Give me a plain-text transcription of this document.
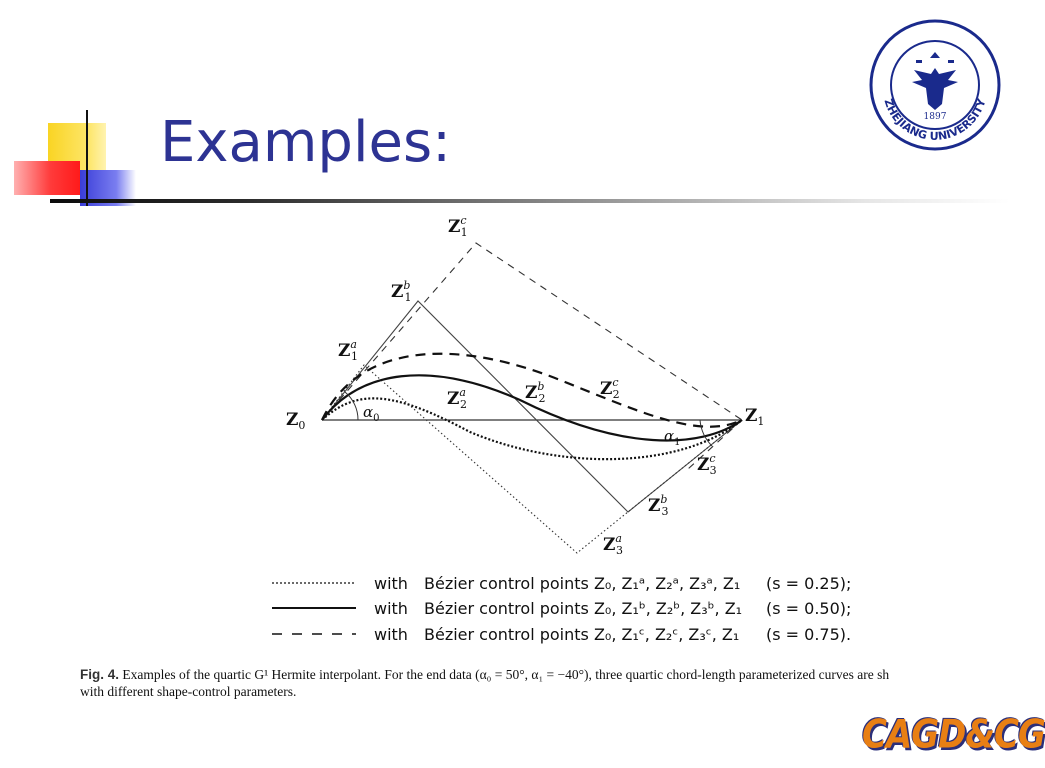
Examples:	1897
ZHEJIANG UNIVERSITY
$Z_0$	$Z_1$
$Z^c$ 1
$Z^b$ 1
$Z^a$ 1
$Z^a$ 2
$Z^b$ 2	$Z^c$ 2
$Z^c$ 3
$Z^b$ 3
$Z^a$ 3
$\alpha_0$
$\alpha_1$
with Bézier control points Z₀, Z₁ᵃ, Z₂ᵃ, Z₃ᵃ, Z₁ (s = 0.25);
with Bézier control points Z₀, Z₁ᵇ, Z₂ᵇ, Z₃ᵇ, Z₁ (s = 0.50);
with Bézier control points Z₀, Z₁ᶜ, Z₂ᶜ, Z₃ᶜ, Z₁ (s = 0.75).
Fig. 4. Examples of the quartic G¹ Hermite interpolant. For the end data (α₀ = 50°, α₁ = −40°), three quartic chord-length parameterized curves are sh
with different shape-control parameters.
CAGD&CG
